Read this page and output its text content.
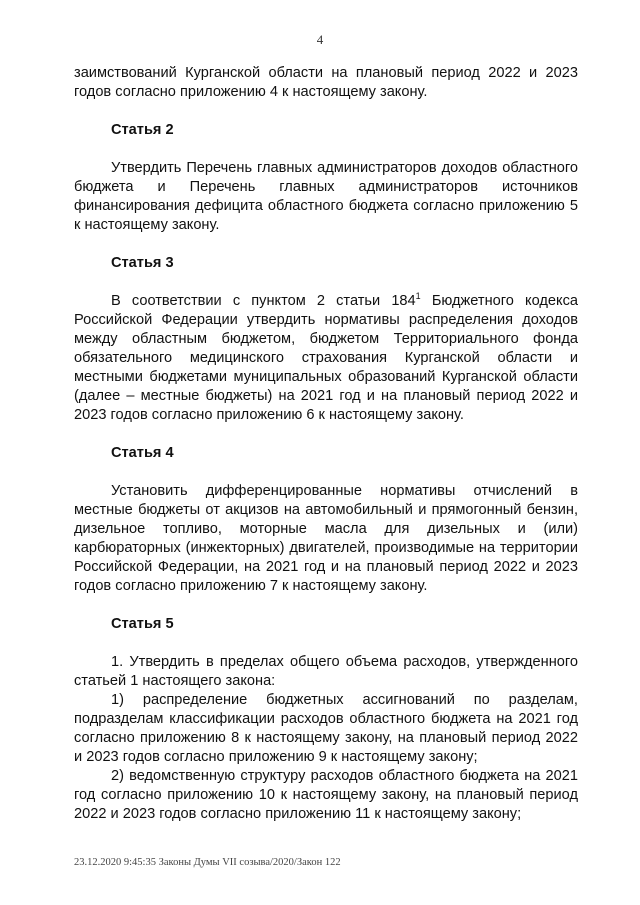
4

заимствований Курганской области на плановый период 2022 и 2023 годов согласно приложению 4 к настоящему закону.

Статья 2

Утвердить Перечень главных администраторов доходов областного бюджета и Перечень главных администраторов источников финансирования дефицита областного бюджета согласно приложению 5 к настоящему закону.

Статья 3

В соответствии с пунктом 2 статьи $184^1$ Бюджетного кодекса Российской Федерации утвердить нормативы распределения доходов между областным бюджетом, бюджетом Территориального фонда обязательного медицинского страхования Курганской области и местными бюджетами муниципальных образований Курганской области (далее – местные бюджеты) на 2021 год и на плановый период 2022 и 2023 годов согласно приложению 6 к настоящему закону.

Статья 4

Установить дифференцированные нормативы отчислений в местные бюджеты от акцизов на автомобильный и прямогонный бензин, дизельное топливо, моторные масла для дизельных и (или) карбюраторных (инжекторных) двигателей, производимые на территории Российской Федерации, на 2021 год и на плановый период 2022 и 2023 годов согласно приложению 7 к настоящему закону.

Статья 5

1. Утвердить в пределах общего объема расходов, утвержденного статьей 1 настоящего закона:

1) распределение бюджетных ассигнований по разделам, подразделам классификации расходов областного бюджета на 2021 год согласно приложению 8 к настоящему закону, на плановый период 2022 и 2023 годов согласно приложению 9 к настоящему закону;

2) ведомственную структуру расходов областного бюджета на 2021 год согласно приложению 10 к настоящему закону, на плановый период 2022 и 2023 годов согласно приложению 11 к настоящему закону;

23.12.2020 9:45:35 Законы Думы VII созыва/2020/Закон 122
